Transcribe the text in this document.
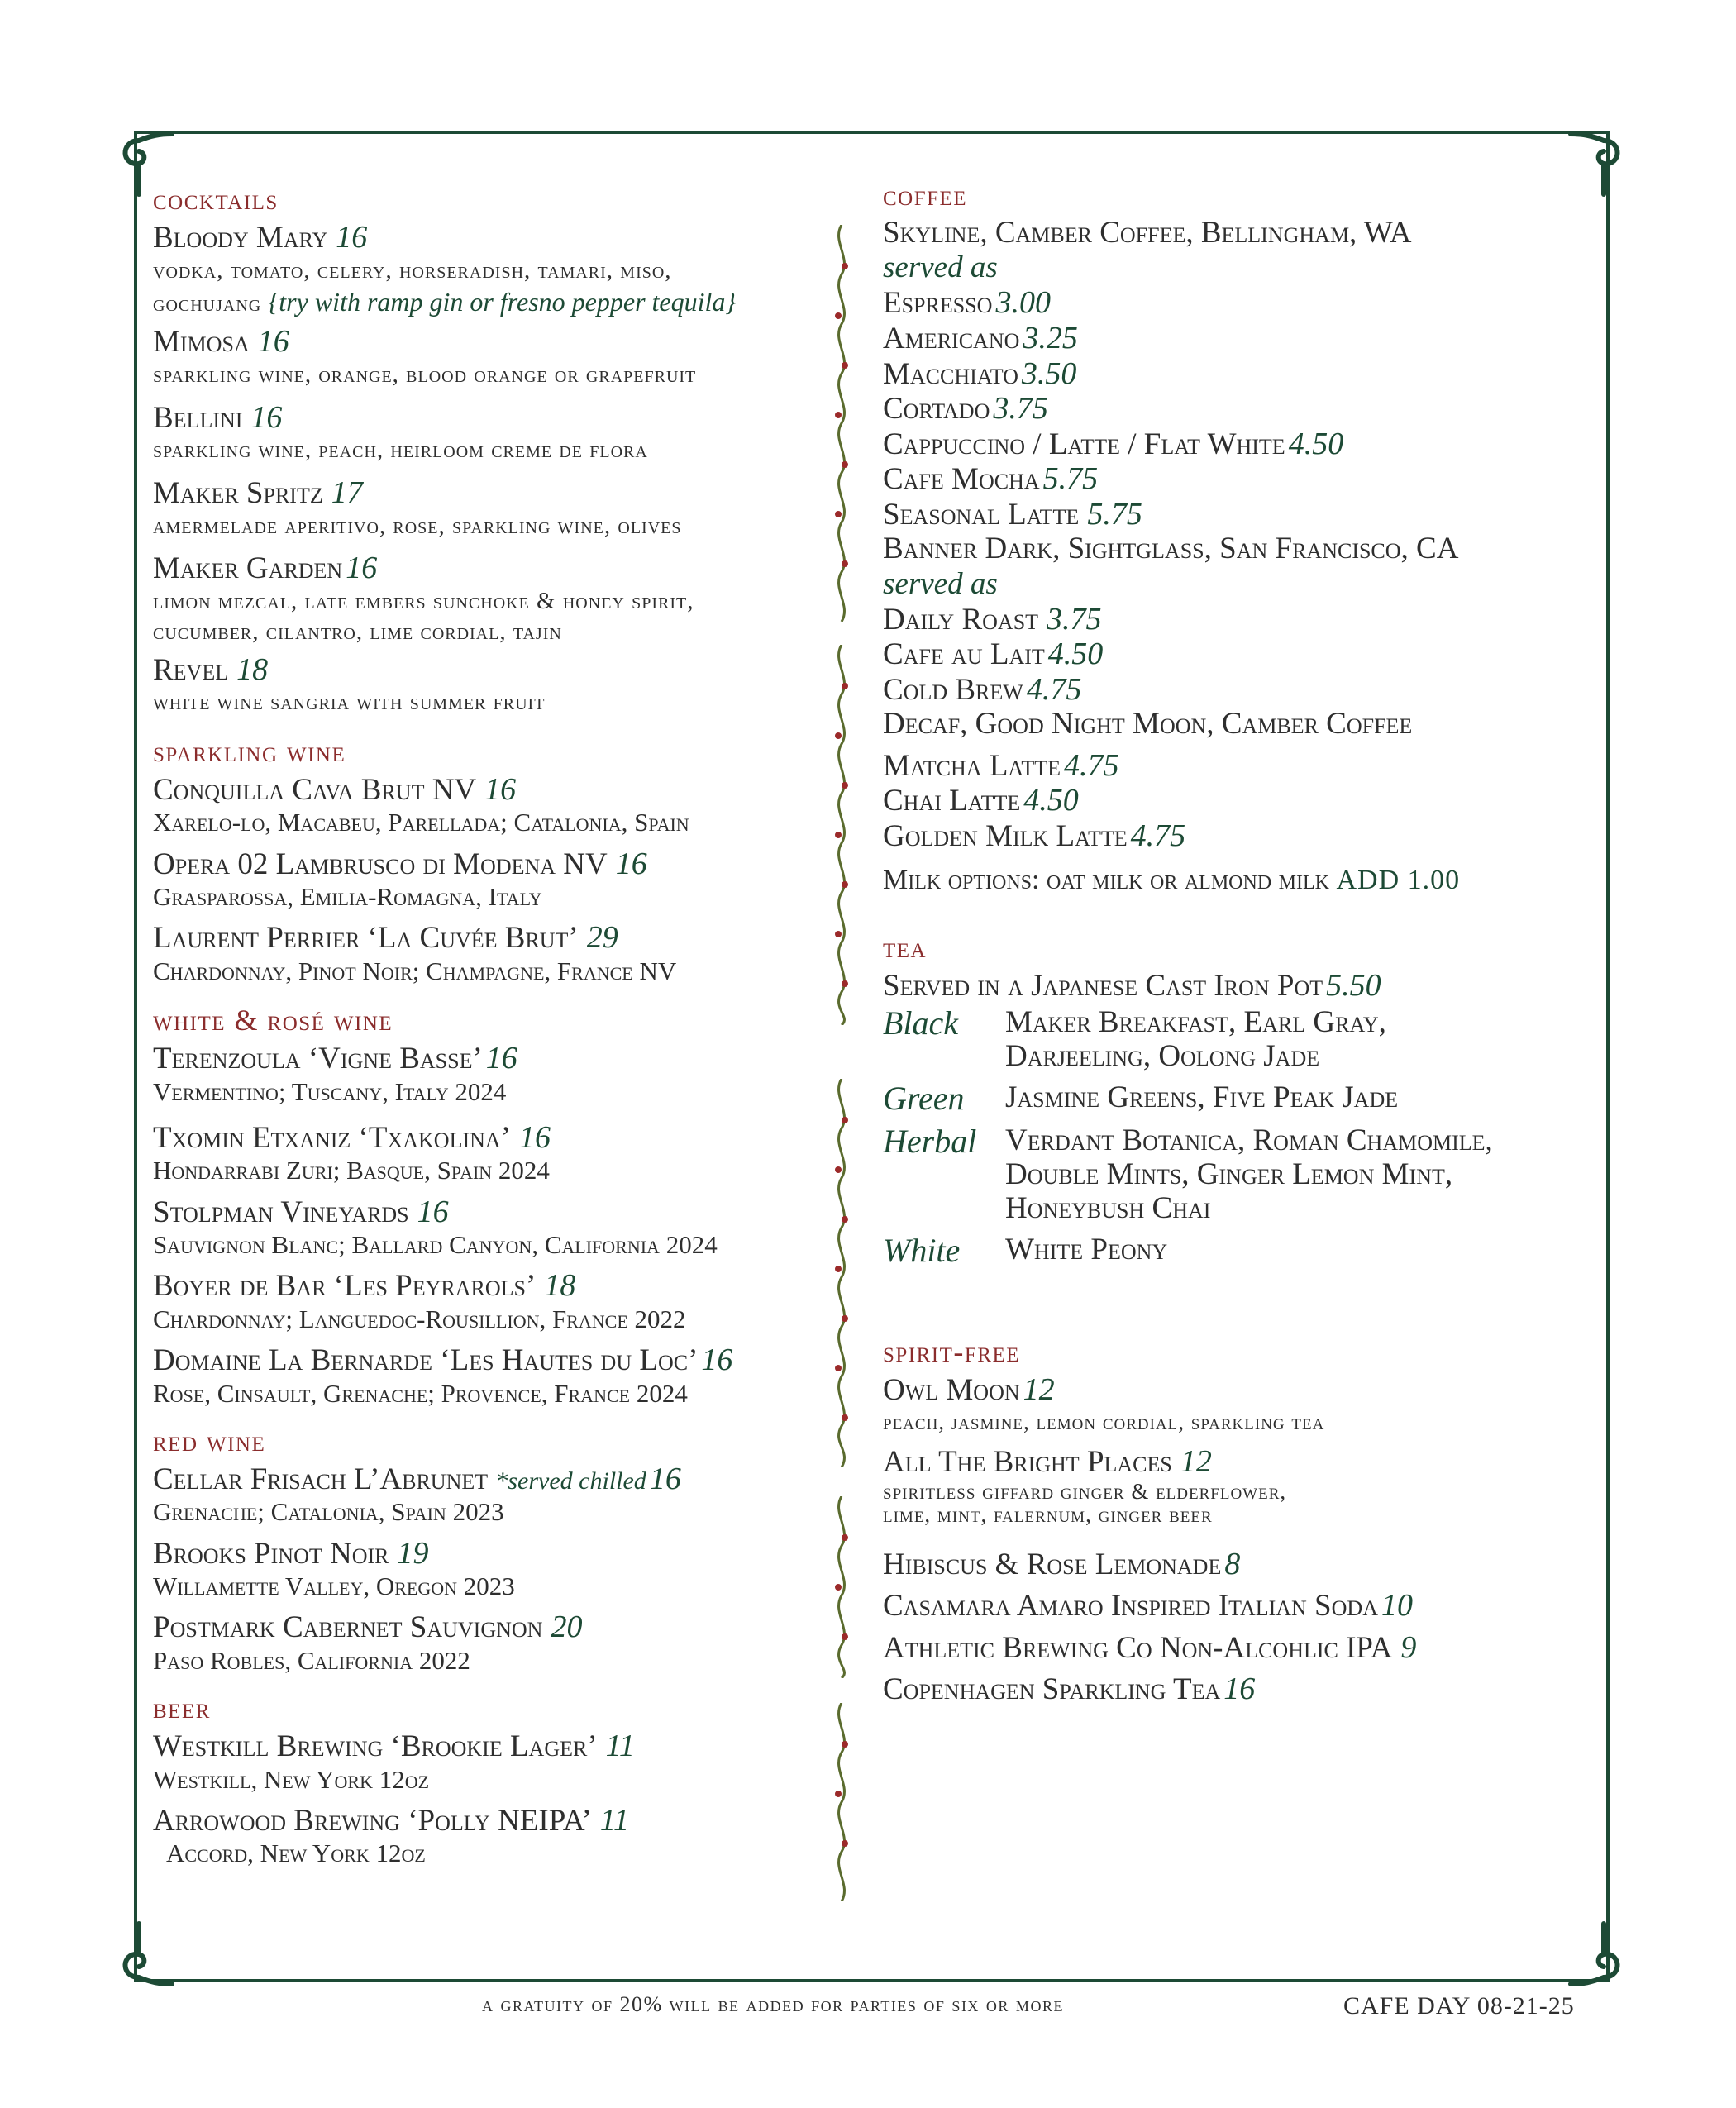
cocktails
Bloody Mary 16
vodka, tomato, celery, horseradish, tamari, miso,
gochujang {try with ramp gin or fresno pepper tequila}
Mimosa 16
sparkling wine, orange, blood orange or grapefruit
Bellini 16
sparkling wine, peach, heirloom creme de flora
Maker Spritz 17
amermelade aperitivo, rose, sparkling wine, olives
Maker Garden 16
limon mezcal, late embers sunchoke & honey spirit,
cucumber, cilantro, lime cordial, tajin
Revel 18
white wine sangria with summer fruit
sparkling wine
Conquilla Cava Brut NV 16
Xarelo-lo, Macabeu, Parellada; Catalonia, Spain
Opera 02 Lambrusco di Modena NV 16
Grasparossa, Emilia-Romagna, Italy
Laurent Perrier ‘La Cuvée Brut’ 29
Chardonnay, Pinot Noir; Champagne, France NV
white & rosé wine
Terenzoula ‘Vigne Basse’ 16
Vermentino; Tuscany, Italy 2024
Txomin Etxaniz ‘Txakolina’ 16
Hondarrabi Zuri; Basque, Spain 2024
Stolpman Vineyards 16
Sauvignon Blanc; Ballard Canyon, California 2024
Boyer de Bar ‘Les Peyrarols’ 18
Chardonnay; Languedoc-Rousillion, France 2022
Domaine La Bernarde ‘Les Hautes du Loc’ 16
Rose, Cinsault, Grenache; Provence, France 2024
red wine
Cellar Frisach L’Abrunet *served chilled 16
Grenache; Catalonia, Spain 2023
Brooks Pinot Noir 19
Willamette Valley, Oregon 2023
Postmark Cabernet Sauvignon 20
Paso Robles, California 2022
beer
Westkill Brewing ‘Brookie Lager’ 11
Westkill, New York 12oz
Arrowood Brewing ‘Polly NEIPA’ 11
Accord, New York 12oz
coffee
Skyline, Camber Coffee, Bellingham, WA
served as
Espresso 3.00
Americano 3.25
Macchiato 3.50
Cortado 3.75
Cappuccino / Latte / Flat White 4.50
Cafe Mocha 5.75
Seasonal Latte 5.75
Banner Dark, Sightglass, San Francisco, CA
served as
Daily Roast 3.75
Cafe au Lait 4.50
Cold Brew 4.75
Decaf, Good Night Moon, Camber Coffee
Matcha Latte 4.75
Chai Latte 4.50
Golden Milk Latte 4.75
Milk options: oat milk or almond milk ADD 1.00
tea
Served in a Japanese Cast Iron Pot 5.50
Black	Maker Breakfast, Earl Gray,
Darjeeling, Oolong Jade
Green	Jasmine Greens, Five Peak Jade
Herbal Verdant Botanica, Roman Chamomile,
Double Mints, Ginger Lemon Mint,
Honeybush Chai
White	White Peony
spirit-free
Owl Moon 12
peach, jasmine, lemon cordial, sparkling tea
All The Bright Places 12
spiritless giffard ginger & elderflower,
lime, mint, falernum, ginger beer
Hibiscus & Rose Lemonade 8
Casamara Amaro Inspired Italian Soda 10
Athletic Brewing Co Non-Alcohlic IPA 9
Copenhagen Sparkling Tea 16
a gratuity of 20% will be added for parties of six or more	CAFE DAY 08-21-25
